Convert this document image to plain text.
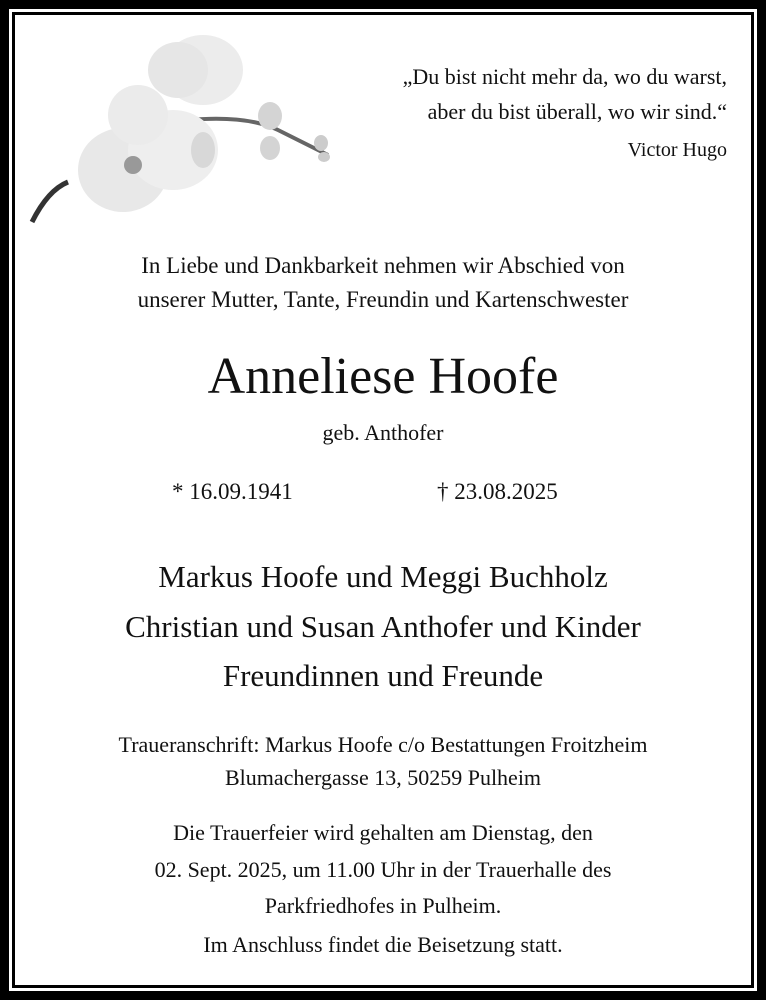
„Du bist nicht mehr da, wo du warst,
aber du bist überall, wo wir sind.“
Victor Hugo
In Liebe und Dankbarkeit nehmen wir Abschied von
unserer Mutter, Tante, Freundin und Kartenschwester
Anneliese Hoofe
geb. Anthofer
* 16.09.1941	† 23.08.2025
Markus Hoofe und Meggi Buchholz
Christian und Susan Anthofer und Kinder
Freundinnen und Freunde
Traueranschrift: Markus Hoofe c/o Bestattungen Froitzheim
Blumachergasse 13, 50259 Pulheim
Die Trauerfeier wird gehalten am Dienstag, den
02. Sept. 2025, um 11.00 Uhr in der Trauerhalle des
Parkfriedhofes in Pulheim.
Im Anschluss findet die Beisetzung statt.
